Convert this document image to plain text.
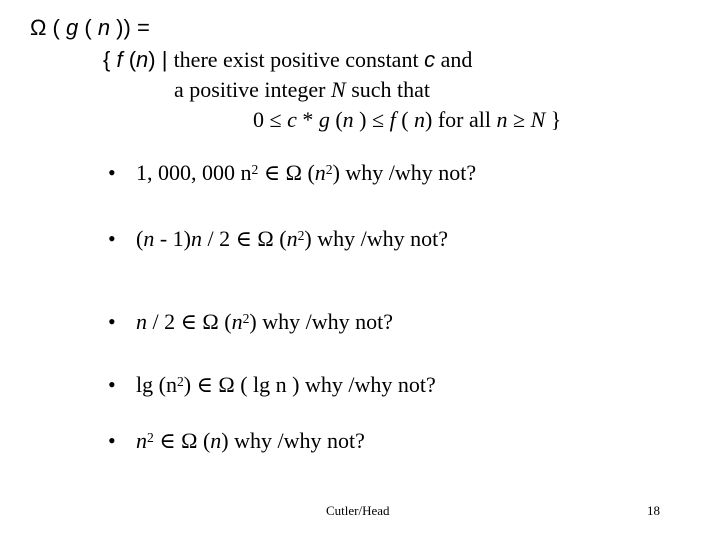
Ω ( g ( n )) =
{ f (n) | there exist positive constant c and
a positive integer N such that
0 ≤ c * g (n ) ≤ f ( n) for all n ≥ N }
• 1, 000, 000 $n^2$ ∈ Ω $(n^2)$ why /why not?
• (n - 1)n / 2 ∈ Ω $(n^2)$ why /why not?
• n / 2 ∈ Ω $(n^2)$ why /why not?
• $\lg (n^2)$ ∈ Ω ( lg n ) why /why not?
• $n^2$ ∈ Ω (n) why /why not?
Cutler/Head	18
